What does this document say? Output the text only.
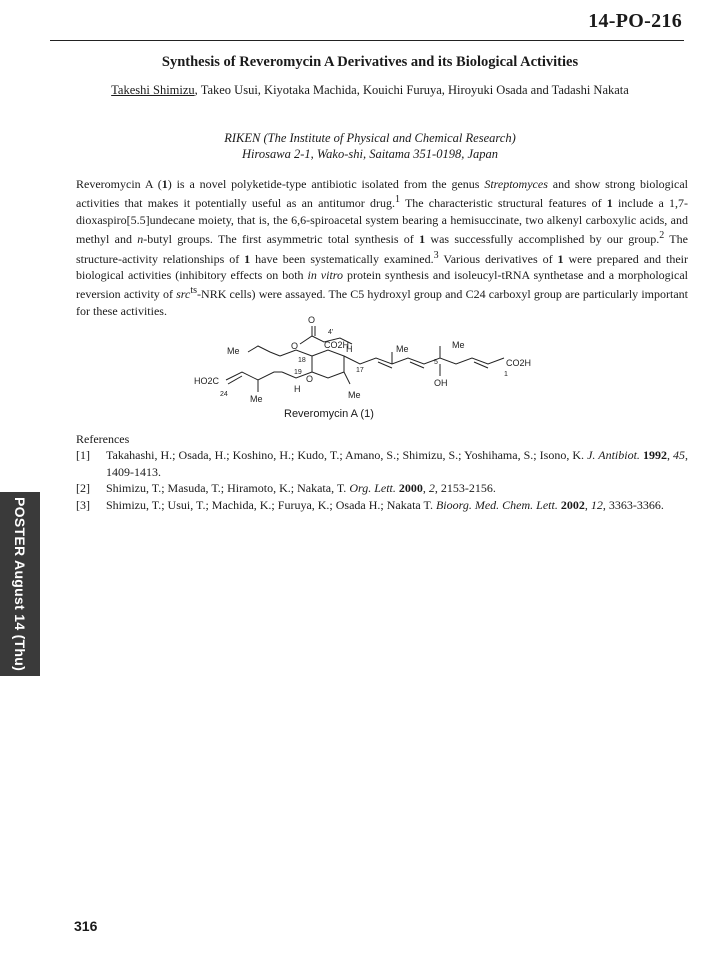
14-PO-216
Synthesis of Reveromycin A Derivatives and its Biological Activities
Takeshi Shimizu, Takeo Usui, Kiyotaka Machida, Kouichi Furuya, Hiroyuki Osada and Tadashi Nakata
RIKEN (The Institute of Physical and Chemical Research)
Hirosawa 2-1, Wako-shi, Saitama 351-0198, Japan
Reveromycin A (1) is a novel polyketide-type antibiotic isolated from the genus Streptomyces and show strong biological activities that makes it potentially useful as an antitumor drug.$^1$ The characteristic structural features of 1 include a 1,7-dioxaspiro[5.5]undecane moiety, that is, the 6,6-spiroacetal system bearing a hemisuccinate, two alkenyl carboxylic acids, and methyl and n-butyl groups. The first asymmetric total synthesis of 1 was successfully accomplished by our group.$^2$ The structure-activity relationships of 1 have been systematically examined.$^3$ Various derivatives of 1 were prepared and their biological activities (inhibitory effects on both in vitro protein synthesis and isoleucyl-tRNA synthetase and a morphological reversion activity of src$^{ts}$-NRK cells) were assayed. The C5 hydroxyl group and C24 carboxyl group are particularly important for these activities.
O
4'
CO2H
O
Me
18
19
O
H
17
Me	Me
5
OH
CO2H
1
HO2C
24 Me
H
Me
Reveromycin A (1)
References
[1]	Takahashi, H.; Osada, H.; Koshino, H.; Kudo, T.; Amano, S.; Shimizu, S.; Yoshihama, S.; Isono, K. J. Antibiot. 1992, 45, 1409-1413.
[2]	Shimizu, T.; Masuda, T.; Hiramoto, K.; Nakata, T. Org. Lett. 2000, 2, 2153-2156.
[3]	Shimizu, T.; Usui, T.; Machida, K.; Furuya, K.; Osada H.; Nakata T. Bioorg. Med. Chem. Lett. 2002, 12, 3363-3366.
POSTER August 14 (Thu)
316
